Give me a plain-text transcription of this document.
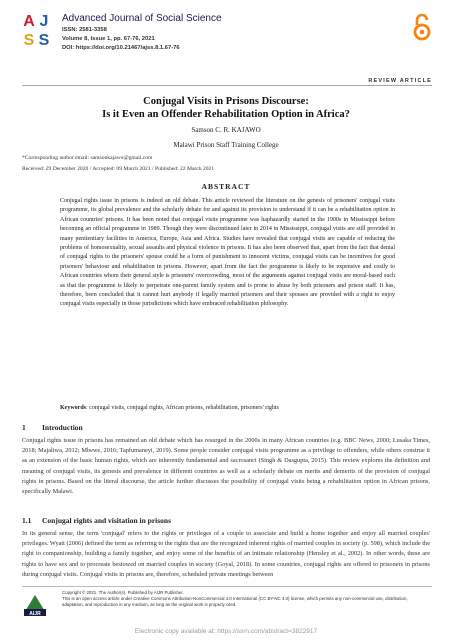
A J
S S
Advanced Journal of Social Science
ISSN: 2581-3358
Volume 8, Issue 1, pp. 67-76, 2021
DOI: https://doi.org/10.21467/ajss.8.1.67-76
REVIEW ARTICLE
Conjugal Visits in Prisons Discourse:
Is it Even an Offender Rehabilitation Option in Africa?
Samson C. R. KAJAWO
Malawi Prison Staff Training College
*Corresponding author email: samsonkajawo@gmail.com
Received: 29 December 2020 / Accepted: 09 March 2021 / Published: 22 March 2021
ABSTRACT
Conjugal rights issue in prisons is indeed an old debate. This article reviewed the literature on the genesis of prisoners' conjugal visits programme, its global prevalence and the scholarly debate for and against its provision to understand if it can be a rehabilitation option in African countries' prisons. It has been noted that conjugal visits programme was haphazardly started in the 1900s in Mississippi before becoming an official programme in 1989. Though they were discontinued later in 2014 in Mississippi, conjugal visits are still provided in many penitentiary facilities in America, Europe, Asia and Africa. Studies have revealed that conjugal visits are capable of reducing the problems of homosexuality, sexual assaults and physical violence in prisons. It has also been observed that, apart from the fact that denial of conjugal rights to the prisoners' spouse could be a form of punishment to innocent victims, conjugal visits can be incentives for good prisoners' behaviour and rehabilitation in prisons. However, apart from the fact the programme is likely to be expensive and costly to African countries whom their general style is prisoners' overcrowding, most of the arguments against conjugal visits are moral-based such as that the programme is likely to perpetrate one-parent family system and is prone to abuse by both prisoners and prison staff. It has, therefore, been concluded that it cannot hurt anybody if legally married prisoners and their spouses are provided with a right to enjoy conjugal visits especially in those jurisdictions which have embraced rehabilitation philosophy.
Keywords: conjugal visits, conjugal rights, African prisons, rehabilitation, prisoners' rights
1 Introduction
Conjugal rights issue in prisons has remained an old debate which has resurged in the 2000s in many African countries (e.g. BBC News, 2000; Lusaka Times, 2018; Majaliwa, 2012; Mbewe, 2016; Tapfumaneyi, 2019). Some people consider conjugal visits programme as a privilege to offenders, while others construe it as an extension of the basic human rights, which are inherently fundamental and sacrosanct (Singh & Dasgupta, 2015). This review explores the definition and meaning of conjugal visits, its genesis and prevalence in different countries as well as a scholarly debate on merits and demerits of the provision of conjugal rights in prisons. Based on the literal discourse, the article further discusses the possibility of conjugal visits being a rehabilitation option in African prisons, specifically Malawi.
1.1 Conjugal rights and visitation in prisons
In its general sense, the term 'conjugal' refers to the rights or privileges of a couple to associate and build a home together and enjoy all married couples' privileges. Wyatt (2006) defined the term as referring to the rights that are the recognized inherent rights of married couples in society (p. 598), which include the right to companionship, building a family together, and enjoy some of the benefits of an intimate relationship (Hensley et al., 2002). In other words, these are rights to have sex and to procreate bestowed on married couples in society (Goyal, 2018). In some countries, conjugal rights are offered to prisoners in prisons during conjugal visits. Conjugal visits in prisons are, therefore, scheduled private meetings between
AIJR
Copyright © 2021. The Author(s). Published by AIJR Publisher.
This is an open access article under Creative Commons Attribution-NonCommercial 4.0 International (CC BY-NC 4.0) license, which permits any non-commercial use, distribution, adaptation, and reproduction in any medium, as long as the original work is properly cited.
Electronic copy available at: https://ssrn.com/abstract=3822917
